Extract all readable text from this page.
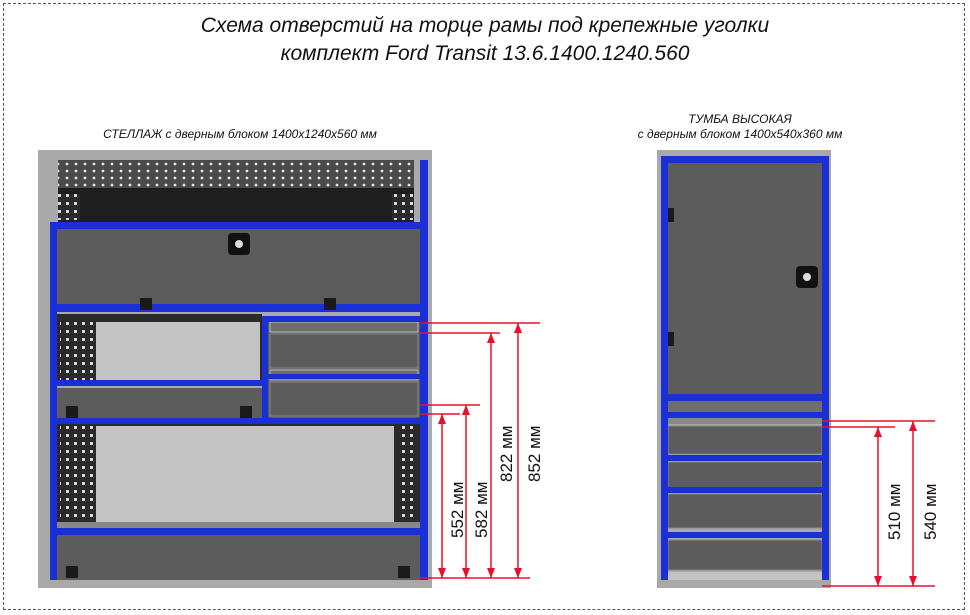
Схема отверстий на торце рамы под крепежные уголки
комплект Ford Transit 13.6.1400.1240.560
СТЕЛЛАЖ с дверным блоком 1400х1240х560 мм
ТУМБА ВЫСОКАЯ
с дверным блоком 1400х540х360 мм
552 мм 582 мм
822 мм 852 мм
510 мм 540 мм
